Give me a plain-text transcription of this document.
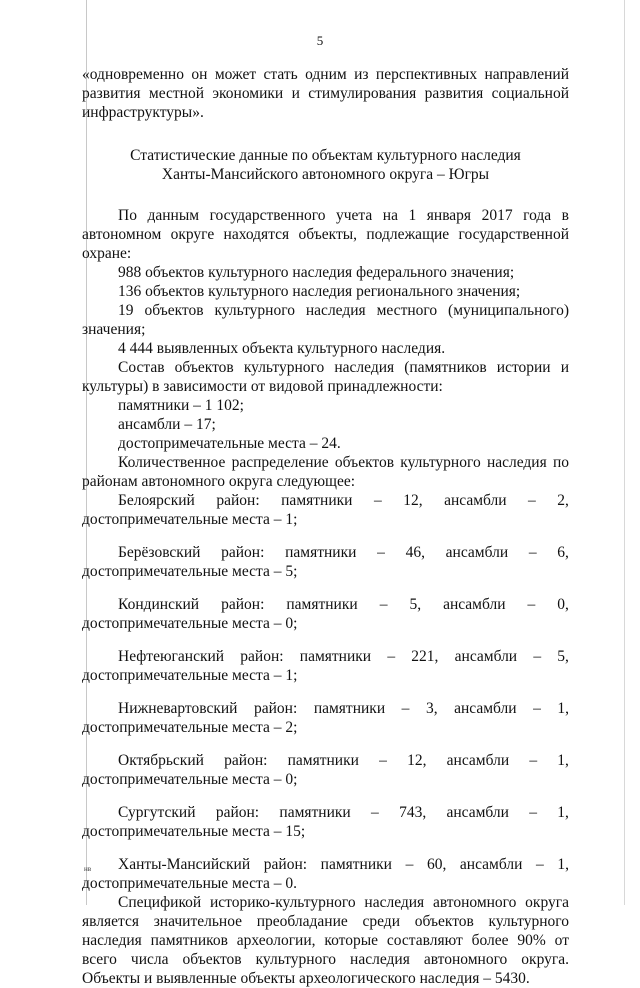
5

«одновременно он может стать одним из перспективных направлений развития местной экономики и стимулирования развития социальной инфраструктуры».

Статистические данные по объектам культурного наследия
Ханты-Мансийского автономного округа – Югры

По данным государственного учета на 1 января 2017 года в автономном округе находятся объекты, подлежащие государственной охране:

988 объектов культурного наследия федерального значения;
136 объектов культурного наследия регионального значения;

19 объектов культурного наследия местного (муниципального) значения;

4 444 выявленных объекта культурного наследия.

Состав объектов культурного наследия (памятников истории и культуры) в зависимости от видовой принадлежности:

памятники – 1 102;
ансамбли – 17;
достопримечательные места – 24.

Количественное распределение объектов культурного наследия по районам автономного округа следующее:

Белоярский район: памятники – 12, ансамбли – 2,
достопримечательные места – 1;
Берёзовский район: памятники – 46, ансамбли – 6,
достопримечательные места – 5;
Кондинский район: памятники – 5, ансамбли – 0,
достопримечательные места – 0;
Нефтеюганский район: памятники – 221, ансамбли – 5,
достопримечательные места – 1;
Нижневартовский район: памятники – 3, ансамбли – 1,
достопримечательные места – 2;
Октябрьский район: памятники – 12, ансамбли – 1,
достопримечательные места – 0;
Сургутский район: памятники – 743, ансамбли – 1,
достопримечательные места – 15;
Ханты-Мансийский район: памятники – 60, ансамбли – 1,
достопримечательные места – 0.

Спецификой историко-культурного наследия автономного округа является значительное преобладание среди объектов культурного наследия памятников археологии, которые составляют более 90% от всего числа объектов культурного наследия автономного округа. Объекты и выявленные объекты археологического наследия – 5430.

нв
